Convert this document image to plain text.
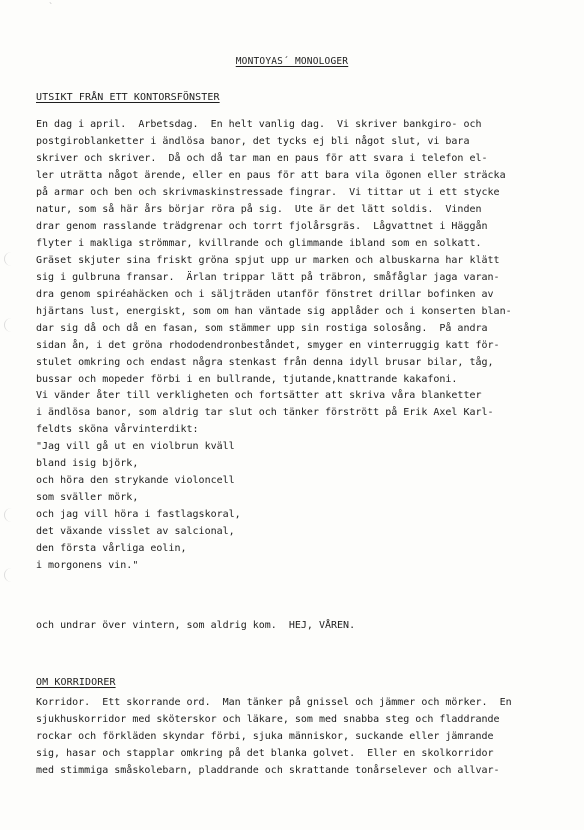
`
MONTOYAS´ MONOLOGER
UTSIKT FRÅN ETT KONTORSFÖNSTER
En dag i april.  Arbetsdag.  En helt vanlig dag.  Vi skriver bankgiro- och
postgiroblanketter i ändlösa banor, det tycks ej bli något slut, vi bara
skriver och skriver.  Då och då tar man en paus för att svara i telefon el-
ler uträtta något ärende, eller en paus för att bara vila ögonen eller sträcka
på armar och ben och skrivmaskinstressade fingrar.  Vi tittar ut i ett stycke
natur, som så här års börjar röra på sig.  Ute är det lätt soldis.  Vinden
drar genom rasslande trädgrenar och torrt fjolårsgräs.  Lågvattnet i Häggån
flyter i makliga strömmar, kvillrande och glimmande ibland som en solkatt.
Gräset skjuter sina friskt gröna spjut upp ur marken och albuskarna har klätt
sig i gulbruna fransar.  Ärlan trippar lätt på träbron, småfåglar jaga varan-
dra genom spiréahäcken och i säljträden utanför fönstret drillar bofinken av
hjärtans lust, energiskt, som om han väntade sig applåder och i konserten blan-
dar sig då och då en fasan, som stämmer upp sin rostiga solosång.  På andra
sidan ån, i det gröna rhododendronbeståndet, smyger en vinterruggig katt för-
stulet omkring och endast några stenkast från denna idyll brusar bilar, tåg,
bussar och mopeder förbi i en bullrande, tjutande,knattrande kakafoni.
Vi vänder åter till verkligheten och fortsätter att skriva våra blanketter
i ändlösa banor, som aldrig tar slut och tänker förstrött på Erik Axel Karl-
feldts sköna vårvinterdikt:
"Jag vill gå ut en violbrun kväll
bland isig björk,
och höra den strykande violoncell
som sväller mörk,
och jag vill höra i fastlagskoral,
det växande visslet av salcional,
den första vårliga eolin,
i morgonens vin."
och undrar över vintern, som aldrig kom.  HEJ, VÅREN.
OM KORRIDORER
Korridor.  Ett skorrande ord.  Man tänker på gnissel och jämmer och mörker.  En
sjukhuskorridor med sköterskor och läkare, som med snabba steg och fladdrande
rockar och förkläden skyndar förbi, sjuka människor, suckande eller jämrande
sig, hasar och stapplar omkring på det blanka golvet.  Eller en skolkorridor
med stimmiga småskolebarn, pladdrande och skrattande tonårselever och allvar-
